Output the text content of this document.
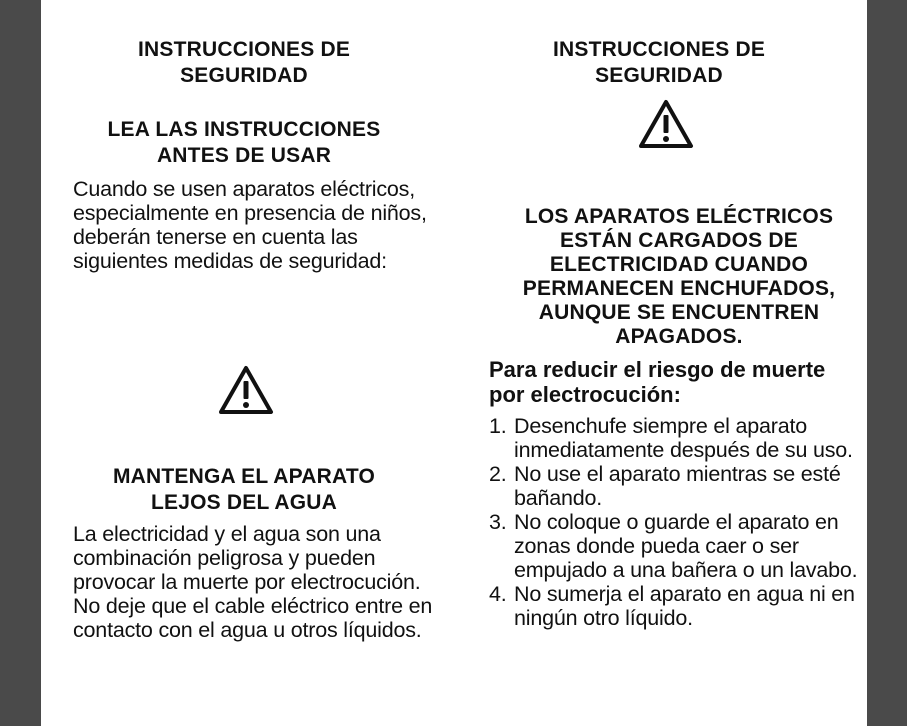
INSTRUCCIONES DE SEGURIDAD
LEA LAS INSTRUCCIONES ANTES DE USAR
Cuando se usen aparatos eléctricos, especialmente en presencia de niños, deberán tenerse en cuenta las siguientes medidas de seguridad:
MANTENGA EL APARATO LEJOS DEL AGUA
La electricidad y el agua son una combinación peligrosa y pueden provocar la muerte por electrocución. No deje que el cable eléctrico entre en contacto con el agua u otros líquidos.
INSTRUCCIONES DE SEGURIDAD
LOS APARATOS ELÉCTRICOS ESTÁN CARGADOS DE ELECTRICIDAD CUANDO PERMANECEN ENCHUFADOS, AUNQUE SE ENCUENTREN APAGADOS.
Para reducir el riesgo de muerte por electrocución:
1. Desenchufe siempre el aparato inmediatamente después de su uso.
2. No use el aparato mientras se esté bañando.
3. No coloque o guarde el aparato en zonas donde pueda caer o ser empujado a una bañera o un lavabo.
4. No sumerja el aparato en agua ni en ningún otro líquido.
